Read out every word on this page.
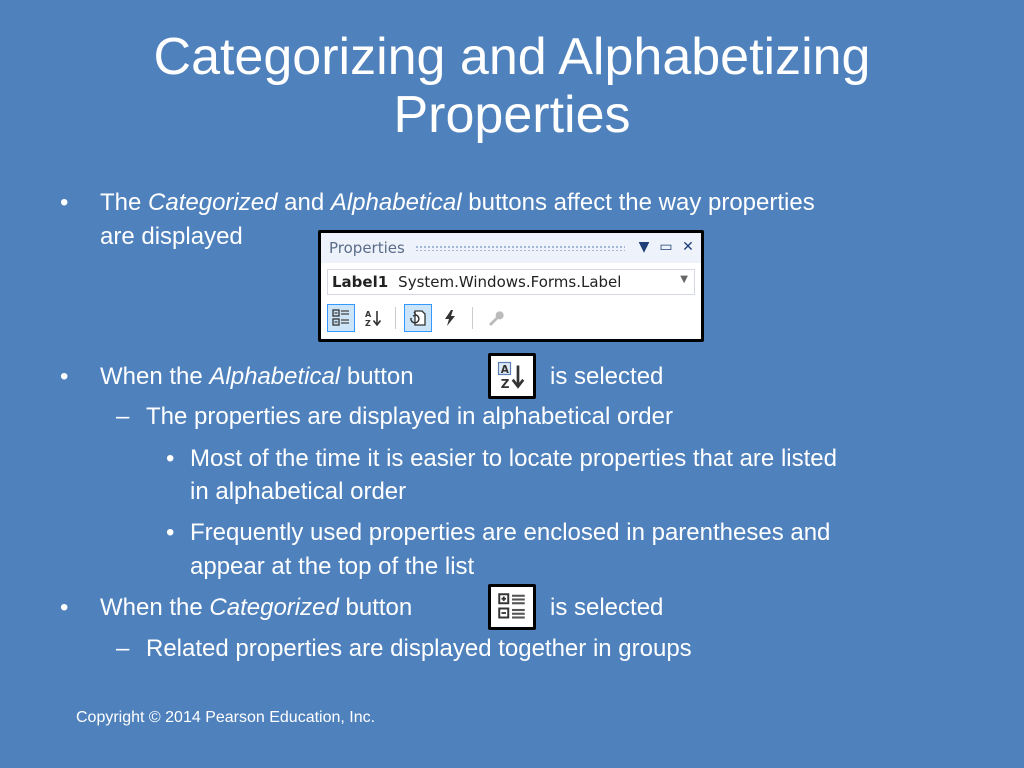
Categorizing and Alphabetizing Properties
• The Categorized and Alphabetical buttons affect the way properties
are displayed	Properties	▼ ▭ ✕
Label1 System.Windows.Forms.Label	▼
A
Z
• When the Alphabetical button	A
Z is selected
– The properties are displayed in alphabetical order
• Most of the time it is easier to locate properties that are listed
in alphabetical order
• Frequently used properties are enclosed in parentheses and
appear at the top of the list
• When the Categorized button	is selected
– Related properties are displayed together in groups
Copyright © 2014 Pearson Education, Inc.
